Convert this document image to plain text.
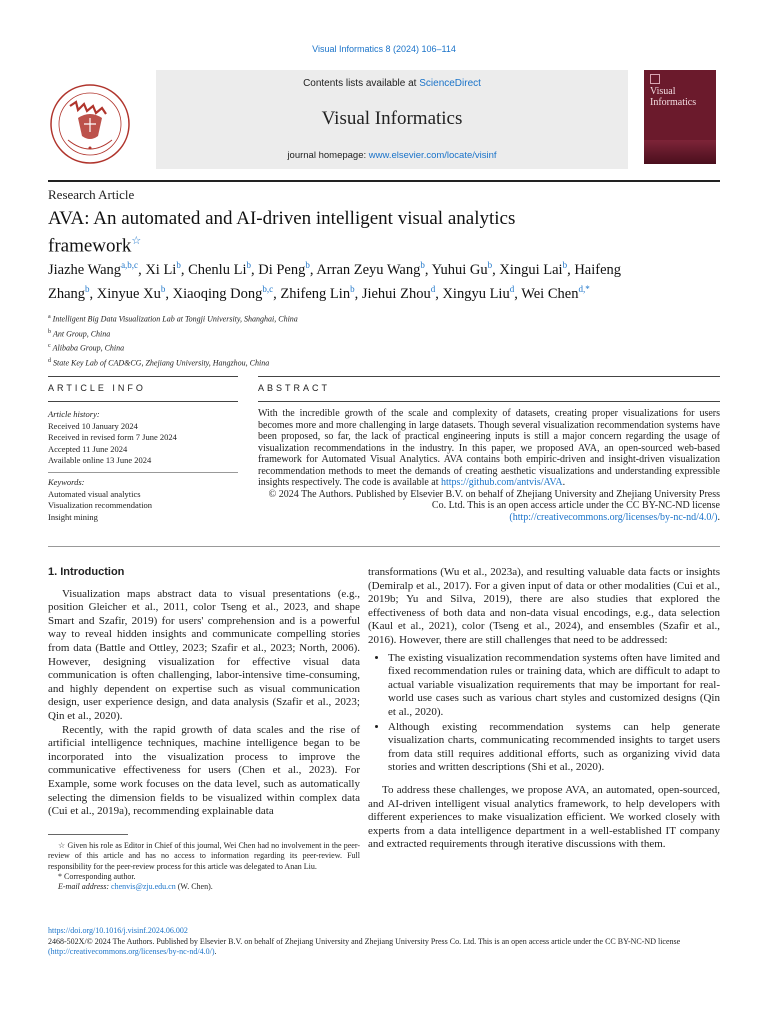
Visual Informatics 8 (2024) 106–114
Contents lists available at ScienceDirect
Visual Informatics
journal homepage: www.elsevier.com/locate/visinf
Visual Informatics
Research Article
AVA: An automated and AI-driven intelligent visual analytics framework☆
Jiazhe Wang$^{a,b,c}$, Xi Li$^b$, Chenlu Li$^b$, Di Peng$^b$, Arran Zeyu Wang$^b$, Yuhui Gu$^b$, Xingui Lai$^b$, Haifeng Zhang$^b$, Xinyue Xu$^b$, Xiaoqing Dong$^{b,c}$, Zhifeng Lin$^b$, Jiehui Zhou$^d$, Xingyu Liu$^d$, Wei Chen$^{d,*}$
$^a$ Intelligent Big Data Visualization Lab at Tongji University, Shanghai, China
$^b$ Ant Group, China
$^c$ Alibaba Group, China
$^d$ State Key Lab of CAD&CG, Zhejiang University, Hangzhou, China
ARTICLE INFO	ABSTRACT
Article history:
Received 10 January 2024
Received in revised form 7 June 2024
Accepted 11 June 2024
Available online 13 June 2024
Keywords:
Automated visual analytics
Visualization recommendation
Insight mining
With the incredible growth of the scale and complexity of datasets, creating proper visualizations for users becomes more and more challenging in large datasets. Though several visualization recommendation systems have been proposed, so far, the lack of practical engineering inputs is still a major concern regarding the usage of visualization recommendations in the industry. In this paper, we proposed AVA, an open-sourced web-based framework for Automated Visual Analytics. AVA contains both empiric-driven and insight-driven visualization recommendation methods to meet the demands of creating aesthetic visualizations and understanding expressible insights respectively. The code is available at https://github.com/antvis/AVA.
© 2024 The Authors. Published by Elsevier B.V. on behalf of Zhejiang University and Zhejiang University Press Co. Ltd. This is an open access article under the CC BY-NC-ND license
(http://creativecommons.org/licenses/by-nc-nd/4.0/).
1. Introduction

Visualization maps abstract data to visual presentations (e.g., position Gleicher et al., 2011, color Tseng et al., 2023, and shape Smart and Szafir, 2019) for users' comprehension and is a powerful way to reveal hidden insights and communicate compelling stories from data (Battle and Ottley, 2023; Szafir et al., 2023; North, 2006). However, designing visualization for effective visual data communication is often challenging, labor-intensive time-consuming, and highly dependent on expertise such as visual communication design, user experience design, and data analysis (Szafir et al., 2023; Qin et al., 2020).

Recently, with the rapid growth of data scales and the rise of artificial intelligence techniques, machine intelligence began to be incorporated into the visualization process to improve the communicative effectiveness for users (Chen et al., 2023). For Example, some work focuses on the data level, such as automatically selecting the dimension fields to be visualized within complex data (Cui et al., 2019a), recommending explainable data

transformations (Wu et al., 2023a), and resulting valuable data facts or insights (Demiralp et al., 2017). For a given input of data or other modalities (Cui et al., 2019b; Yu and Silva, 2019), there are also studies that explored the effectiveness of both data and non-data visual encodings, e.g., data selection (Kaul et al., 2021), color (Tseng et al., 2024), and ensembles (Szafir et al., 2016). However, there are still challenges that need to be addressed:

• The existing visualization recommendation systems often have limited and fixed recommendation rules or training data, which are difficult to adapt to actual variable visualization requirements that may be important for real-world use cases such as various chart styles and customized designs (Qin et al., 2020).
• Although existing recommendation systems can help generate visualization charts, communicating recommended insights to target users from data still requires additional efforts, such as organizing vivid data stories and written descriptions (Shi et al., 2020).

To address these challenges, we propose AVA, an automated, open-sourced, and AI-driven intelligent visual analytics framework, to help developers with different experiences to make visualization efficient. We worked closely with experts from a data intelligence department in a well-established IT company and extracted requirements through iterative discussions with them.

☆ Given his role as Editor in Chief of this journal, Wei Chen had no involvement in the peer-review of this article and has no access to information regarding its peer-review. Full responsibility for the peer-review process for this article was delegated to Anan Liu.

* Corresponding author.

E-mail address: chenvis@zju.edu.cn (W. Chen).

https://doi.org/10.1016/j.visinf.2024.06.002
2468-502X/© 2024 The Authors. Published by Elsevier B.V. on behalf of Zhejiang University and Zhejiang University Press Co. Ltd. This is an open access article under the CC BY-NC-ND license (http://creativecommons.org/licenses/by-nc-nd/4.0/).
